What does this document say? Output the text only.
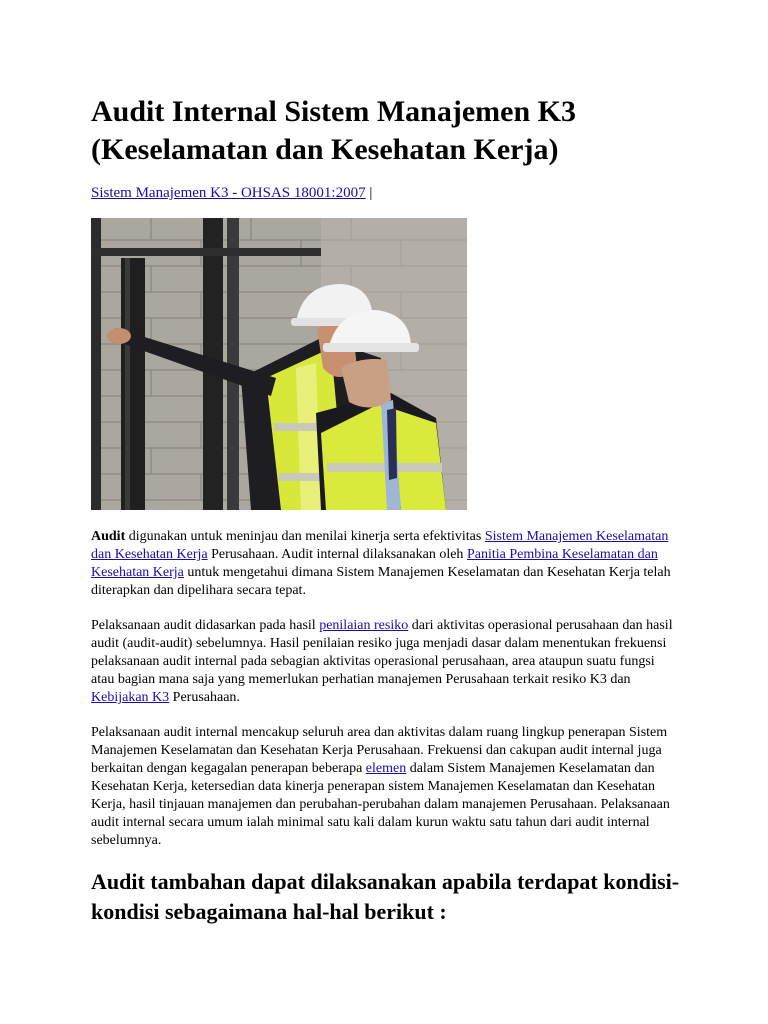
Audit Internal Sistem Manajemen K3 (Keselamatan dan Kesehatan Kerja)
Sistem Manajemen K3 - OHSAS 18001:2007 |

Audit digunakan untuk meninjau dan menilai kinerja serta efektivitas Sistem Manajemen Keselamatan dan Kesehatan Kerja Perusahaan. Audit internal dilaksanakan oleh Panitia Pembina Keselamatan dan Kesehatan Kerja untuk mengetahui dimana Sistem Manajemen Keselamatan dan Kesehatan Kerja telah diterapkan dan dipelihara secara tepat.

Pelaksanaan audit didasarkan pada hasil penilaian resiko dari aktivitas operasional perusahaan dan hasil audit (audit-audit) sebelumnya. Hasil penilaian resiko juga menjadi dasar dalam menentukan frekuensi pelaksanaan audit internal pada sebagian aktivitas operasional perusahaan, area ataupun suatu fungsi atau bagian mana saja yang memerlukan perhatian manajemen Perusahaan terkait resiko K3 dan Kebijakan K3 Perusahaan.

Pelaksanaan audit internal mencakup seluruh area dan aktivitas dalam ruang lingkup penerapan Sistem Manajemen Keselamatan dan Kesehatan Kerja Perusahaan. Frekuensi dan cakupan audit internal juga berkaitan dengan kegagalan penerapan beberapa elemen dalam Sistem Manajemen Keselamatan dan Kesehatan Kerja, ketersedian data kinerja penerapan sistem Manajemen Keselamatan dan Kesehatan Kerja, hasil tinjauan manajemen dan perubahan-perubahan dalam manajemen Perusahaan. Pelaksanaan audit internal secara umum ialah minimal satu kali dalam kurun waktu satu tahun dari audit internal sebelumnya.

Audit tambahan dapat dilaksanakan apabila terdapat kondisi-kondisi sebagaimana hal-hal berikut :
